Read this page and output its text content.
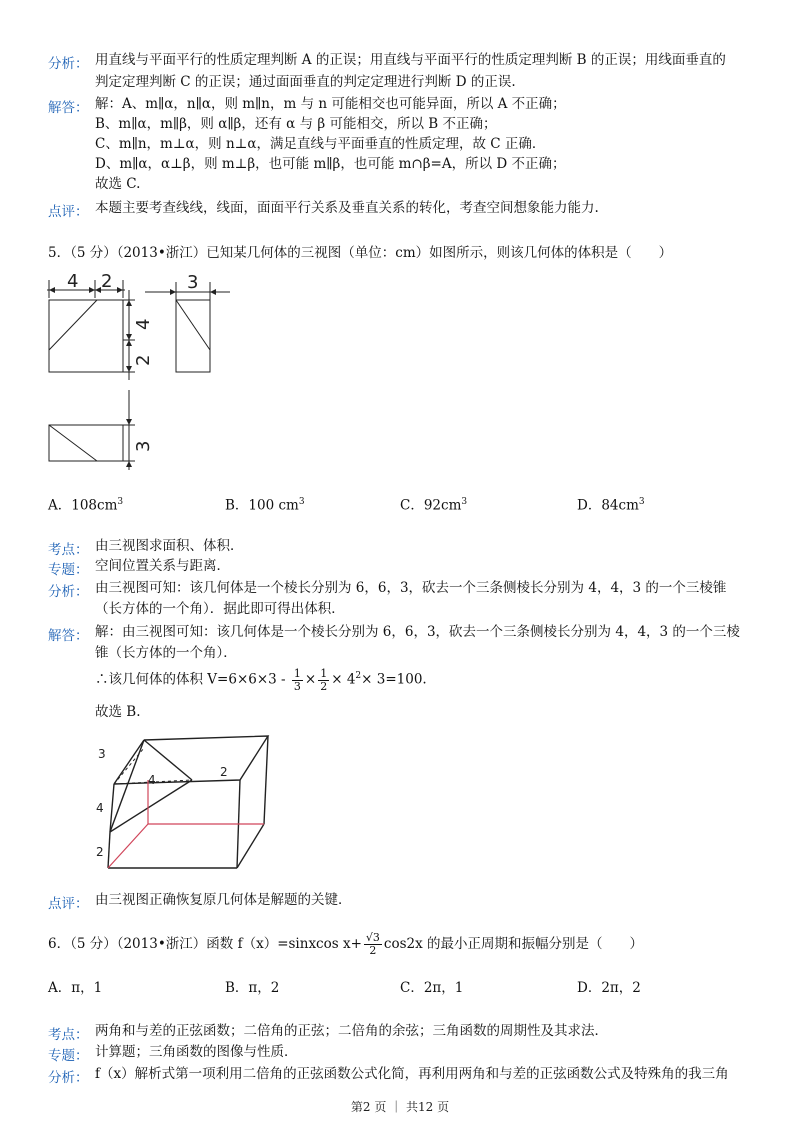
分析： 用直线与平面平行的性质定理判断 A 的正误；用直线与平面平行的性质定理判断 B 的正误；用线面垂直的
判定定理判断 C 的正误；通过面面垂直的判定定理进行判断 D 的正误.
解答： 解：A、m∥α，n∥α，则 m∥n，m 与 n 可能相交也可能异面，所以 A 不正确；
B、m∥α，m∥β，则 α∥β，还有 α 与 β 可能相交，所以 B 不正确；
C、m∥n，m⊥α，则 n⊥α，满足直线与平面垂直的性质定理，故 C 正确．
D、m∥α，α⊥β，则 m⊥β，也可能 m∥β，也可能 m∩β=A，所以 D 不正确；
故选 C.
点评： 本题主要考查线线，线面，面面平行关系及垂直关系的转化，考查空间想象能力能力.
5．（5 分）（2013•浙江）已知某几何体的三视图（单位：cm）如图所示，则该几何体的体积是（　　）
4 2	3
4
2
3
A．$108cm^3$	B．100 $cm^3$	C．$92cm^3$	D．$84cm^3$
考点： 由三视图求面积、体积．
专题： 空间位置关系与距离．
分析： 由三视图可知：该几何体是一个棱长分别为 6，6，3，砍去一个三条侧棱长分别为 4，4，3 的一个三棱锥
（长方体的一个角）．据此即可得出体积．
解答： 解：由三视图可知：该几何体是一个棱长分别为 6，6，3，砍去一个三条侧棱长分别为 4，4，3 的一个三棱
锥（长方体的一个角）．
∴该几何体的体积 $V=6\times 6\times 3 - \frac{1}{3} \times \frac{1}{2} \times 4^2\times 3=100$.
故选 B.
3
4
4
2
2
点评： 由三视图正确恢复原几何体是解题的关键．
6．（5 分）（2013•浙江）函数 f（x）=sinxcos $x+ \frac{√3}{2} \cos 2x$ 的最小正周期和振幅分别是（　　）
A．π，1	B．π，2	C．2π，1	D．2π，2
考点： 两角和与差的正弦函数；二倍角的正弦；二倍角的余弦；三角函数的周期性及其求法．
专题： 计算题；三角函数的图像与性质．
分析： f（x）解析式第一项利用二倍角的正弦函数公式化简，再利用两角和与差的正弦函数公式及特殊角的我三角
第2 页 ｜ 共12 页
